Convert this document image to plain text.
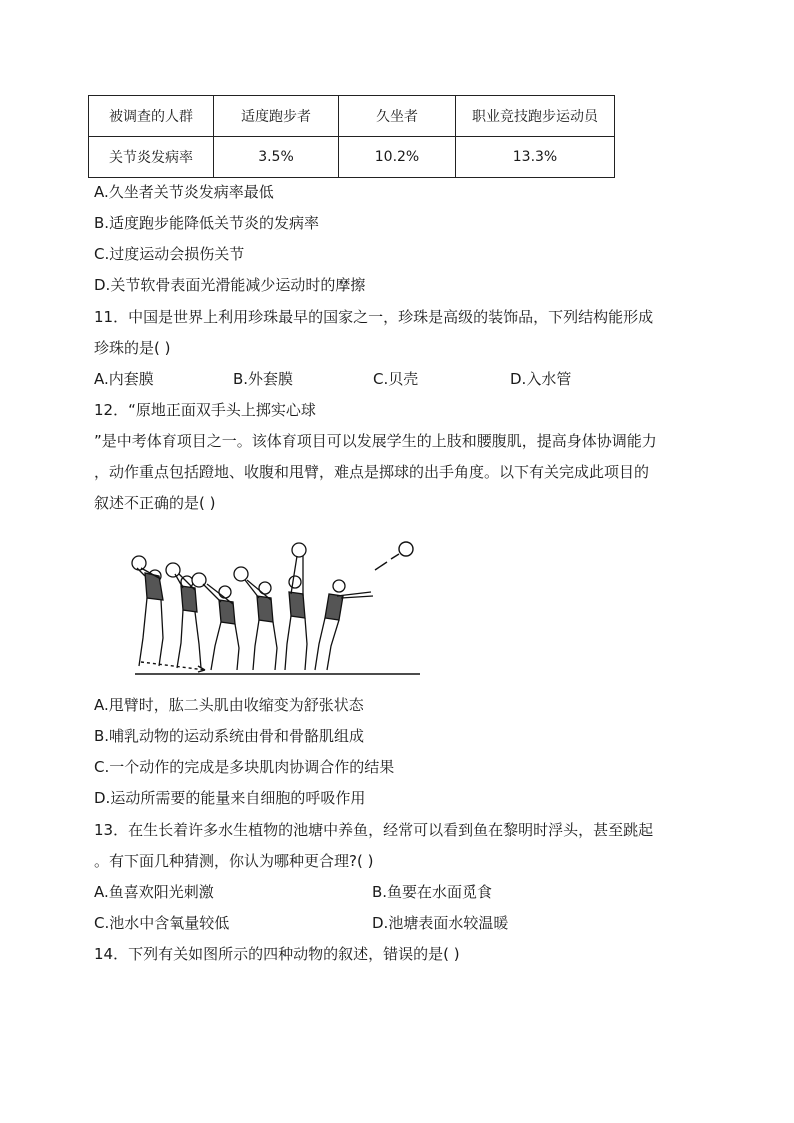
被调查的人群	适度跑步者	久坐者	职业竞技跑步运动员
关节炎发病率	3.5%	10.2%	13.3%
A.久坐者关节炎发病率最低
B.适度跑步能降低关节炎的发病率
C.过度运动会损伤关节
D.关节软骨表面光滑能减少运动时的摩擦
11．中国是世界上利用珍珠最早的国家之一，珍珠是高级的装饰品，下列结构能形成
珍珠的是( )
A.内套膜	B.外套膜	C.贝壳	D.入水管
12．“原地正面双手头上掷实心球
”是中考体育项目之一。该体育项目可以发展学生的上肢和腰腹肌，提高身体协调能力
，动作重点包括蹬地、收腹和甩臂，难点是掷球的出手角度。以下有关完成此项目的
叙述不正确的是( )
A.甩臂时，肱二头肌由收缩变为舒张状态
B.哺乳动物的运动系统由骨和骨骼肌组成
C.一个动作的完成是多块肌肉协调合作的结果
D.运动所需要的能量来自细胞的呼吸作用
13．在生长着许多水生植物的池塘中养鱼，经常可以看到鱼在黎明时浮头，甚至跳起
。有下面几种猜测，你认为哪种更合理?( )
A.鱼喜欢阳光刺激	B.鱼要在水面觅食
C.池水中含氧量较低	D.池塘表面水较温暖
14．下列有关如图所示的四种动物的叙述，错误的是( )
